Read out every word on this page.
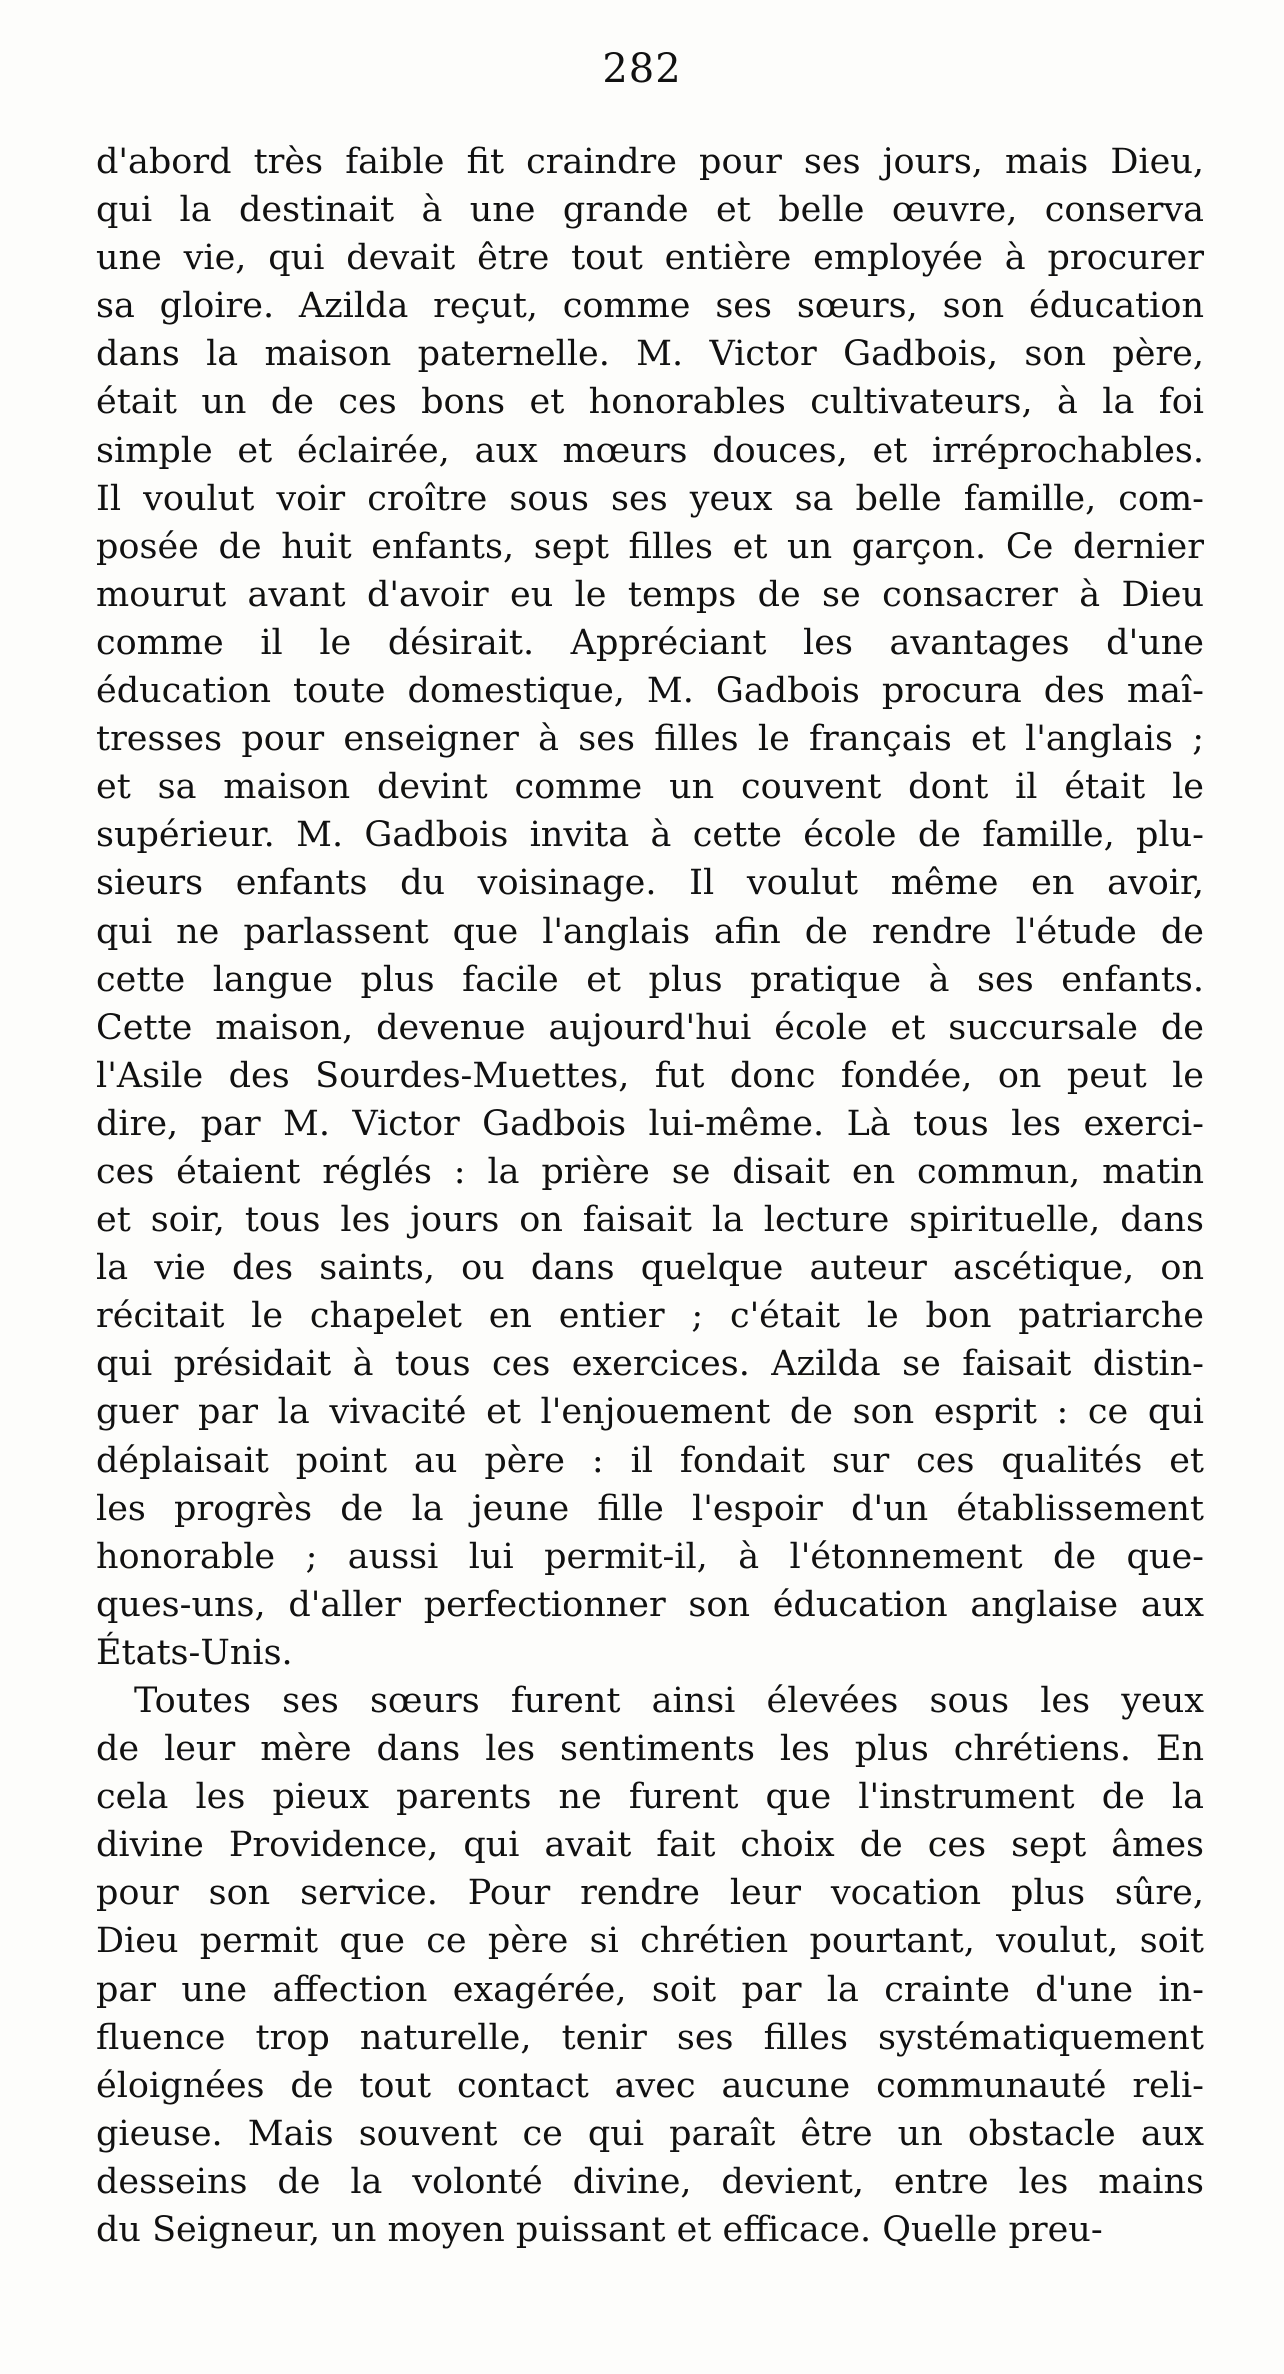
282
d'abord très faible fit craindre pour ses jours, mais Dieu,
qui la destinait à une grande et belle œuvre, conserva
une vie, qui devait être tout entière employée à procurer
sa gloire. Azilda reçut, comme ses sœurs, son éducation
dans la maison paternelle. M. Victor Gadbois, son père,
était un de ces bons et honorables cultivateurs, à la foi
simple et éclairée, aux mœurs douces, et irréprochables.
Il voulut voir croître sous ses yeux sa belle famille, com-
posée de huit enfants, sept filles et un garçon. Ce dernier
mourut avant d'avoir eu le temps de se consacrer à Dieu
comme il le désirait. Appréciant les avantages d'une
éducation toute domestique, M. Gadbois procura des maî-
tresses pour enseigner à ses filles le français et l'anglais ;
et sa maison devint comme un couvent dont il était le
supérieur. M. Gadbois invita à cette école de famille, plu-
sieurs enfants du voisinage. Il voulut même en avoir,
qui ne parlassent que l'anglais afin de rendre l'étude de
cette langue plus facile et plus pratique à ses enfants.
Cette maison, devenue aujourd'hui école et succursale de
l'Asile des Sourdes-Muettes, fut donc fondée, on peut le
dire, par M. Victor Gadbois lui-même. Là tous les exerci-
ces étaient réglés : la prière se disait en commun, matin
et soir, tous les jours on faisait la lecture spirituelle, dans
la vie des saints, ou dans quelque auteur ascétique, on
récitait le chapelet en entier ; c'était le bon patriarche
qui présidait à tous ces exercices. Azilda se faisait distin-
guer par la vivacité et l'enjouement de son esprit : ce qui
déplaisait point au père : il fondait sur ces qualités et
les progrès de la jeune fille l'espoir d'un établissement
honorable ; aussi lui permit-il, à l'étonnement de que-
ques-uns, d'aller perfectionner son éducation anglaise aux
États-Unis.
Toutes ses sœurs furent ainsi élevées sous les yeux
de leur mère dans les sentiments les plus chrétiens. En
cela les pieux parents ne furent que l'instrument de la
divine Providence, qui avait fait choix de ces sept âmes
pour son service. Pour rendre leur vocation plus sûre,
Dieu permit que ce père si chrétien pourtant, voulut, soit
par une affection exagérée, soit par la crainte d'une in-
fluence trop naturelle, tenir ses filles systématiquement
éloignées de tout contact avec aucune communauté reli-
gieuse. Mais souvent ce qui paraît être un obstacle aux
desseins de la volonté divine, devient, entre les mains
du Seigneur, un moyen puissant et efficace. Quelle preu-
